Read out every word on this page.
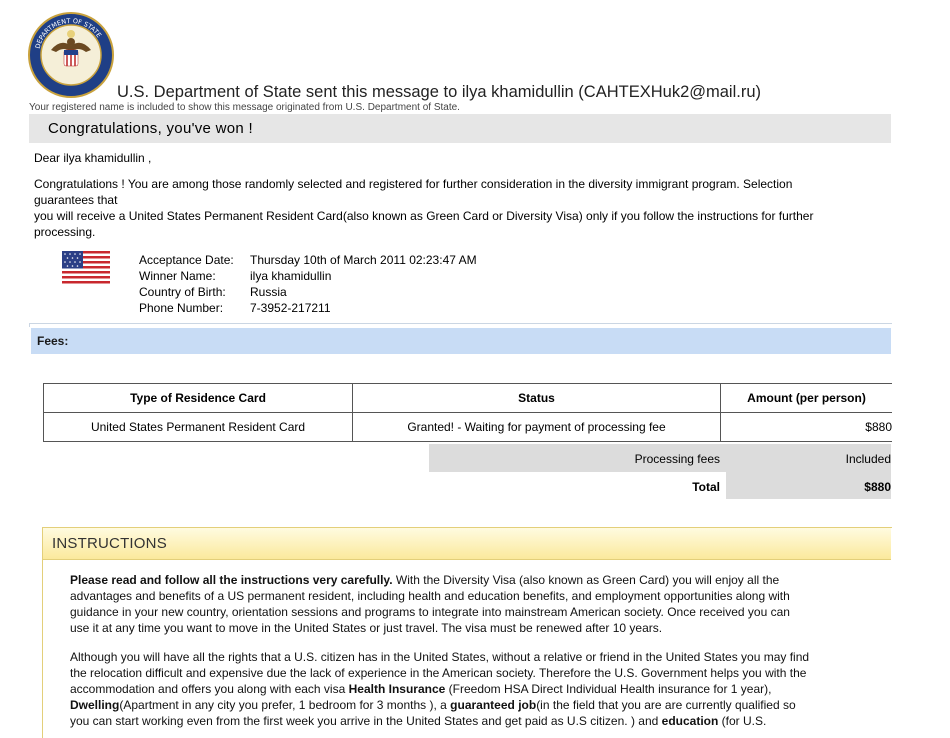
DEPARTMENT OF STATE
U.S. Department of State sent this message to ilya khamidullin (CAHTEXHuk2@mail.ru)
Your registered name is included to show this message originated from U.S. Department of State.
Congratulations, you've won !
Dear ilya khamidullin ,
Congratulations ! You are among those randomly selected and registered for further consideration in the diversity immigrant program. Selection
guarantees that
you will receive a United States Permanent Resident Card(also known as Green Card or Diversity Visa) only if you follow the instructions for further
processing.
Acceptance Date:	Thursday 10th of March 2011 02:23:47 AM
Winner Name:	ilya khamidullin
Country of Birth:	Russia
Phone Number:	7-3952-217211
Fees:
Type of Residence Card	Status	Amount (per person)
United States Permanent Resident Card	Granted! - Waiting for payment of processing fee	$880
Processing fees	Included
Total	$880
INSTRUCTIONS
Please read and follow all the instructions very carefully. With the Diversity Visa (also known as Green Card) you will enjoy all the
advantages and benefits of a US permanent resident, including health and education benefits, and employment opportunities along with
guidance in your new country, orientation sessions and programs to integrate into mainstream American society. Once received you can
use it at any time you want to move in the United States or just travel. The visa must be renewed after 10 years.
Although you will have all the rights that a U.S. citizen has in the United States, without a relative or friend in the United States you may find
the relocation difficult and expensive due the lack of experience in the American society. Therefore the U.S. Government helps you with the
accommodation and offers you along with each visa Health Insurance (Freedom HSA Direct Individual Health insurance for 1 year),
Dwelling(Apartment in any city you prefer, 1 bedroom for 3 months ), a guaranteed job(in the field that you are are currently qualified so
you can start working even from the first week you arrive in the United States and get paid as U.S citizen. ) and education (for U.S.
